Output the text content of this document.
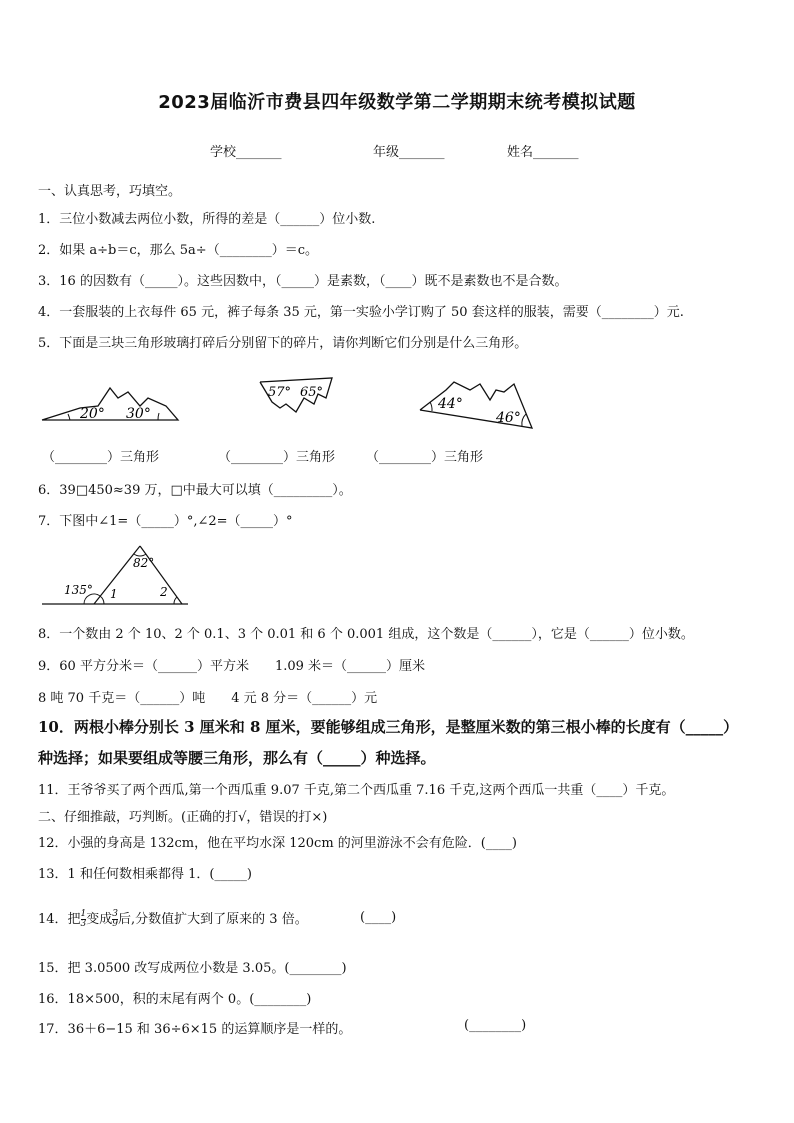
2023届临沂市费县四年级数学第二学期期末统考模拟试题
学校_______	年级_______	姓名_______
一、认真思考，巧填空。
1．三位小数减去两位小数，所得的差是（______）位小数.
2．如果 a÷b＝c，那么 5a÷（________）＝c。
3．16 的因数有（_____）。这些因数中，（_____）是素数，（____）既不是素数也不是合数。
4．一套服装的上衣每件 65 元，裤子每条 35 元，第一实验小学订购了 50 套这样的服装，需要（________）元.
5．下面是三块三角形玻璃打碎后分别留下的碎片，请你判断它们分别是什么三角形。
20° 30°
57° 65°
44°
46°
（________）三角形	（________）三角形 （________）三角形
6．39□450≈39 万，□中最大可以填（_________）。
7．下图中∠1=（_____）°,∠2=（_____）°
135°
82°
1	2
8．一个数由 2 个 10、2 个 0.1、3 个 0.01 和 6 个 0.001 组成，这个数是（______），它是（______）位小数。
9．60 平方分米＝（______）平方米　　1.09 米＝（______）厘米
8 吨 70 千克＝（______）吨　　4 元 8 分＝（______）元
10．两根小棒分别长 3 厘米和 8 厘米，要能够组成三角形，是整厘米数的第三根小棒的长度有（_____）
种选择；如果要组成等腰三角形，那么有（_____）种选择。
11．王爷爷买了两个西瓜,第一个西瓜重 9.07 千克,第二个西瓜重 7.16 千克,这两个西瓜一共重（____）千克。
二、仔细推敲，巧判断。(正确的打√，错误的打×)
12．小强的身高是 132cm，他在平均水深 120cm 的河里游泳不会有危险．(____)
13．1 和任何数相乘都得 1．(_____)
14．把 $\frac{1}{3}$ 变成 $\frac{3}{9}$ 后,分数值扩大到了原来的 3 倍。	(____)
15．把 3.0500 改写成两位小数是 3.05。(________)
16．18×500，积的末尾有两个 0。(________)
17．36＋6−15 和 36÷6×15 的运算顺序是一样的。	(________)
